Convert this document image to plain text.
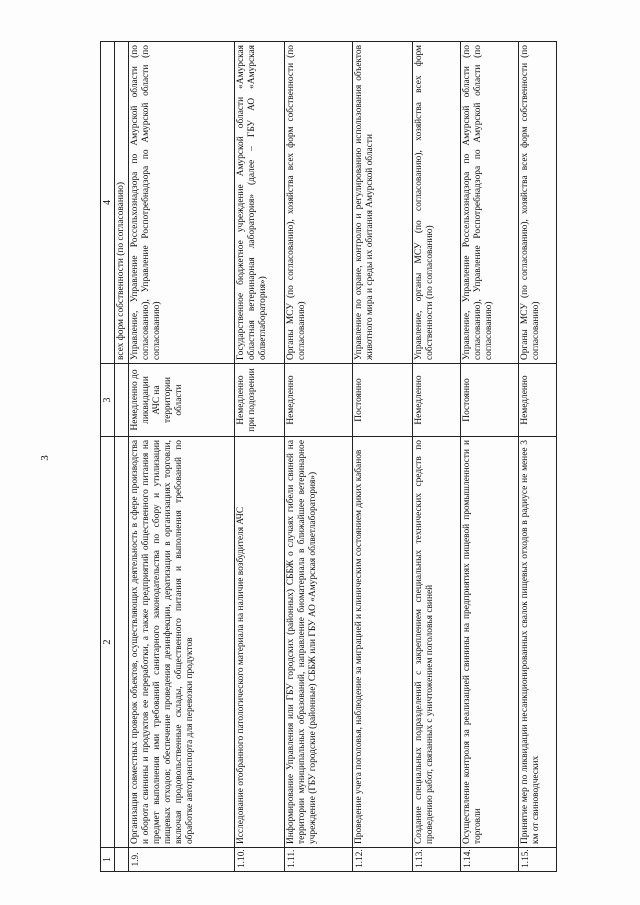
3
1	2	3	4
			всех форм собственности (по согласованию)
1.9.	Организация совместных проверок объектов, осуществляющих деятельность в сфере производства и оборота свинины и продуктов ее переработки, а также предприятий общественного питания на предмет выполнения ими требований санитарного законодательства по сбору и утилизации пищевых отходов; обеспечение проведения дезинфекции, дератизации в организациях торговли, включая продовольственные склады, общественного питания и выполнения требований по обработке автотранспорта для перевозки продуктов	Немедленно до ликвидации АЧС на территории области	Управление, Управление Россельхознадзора по Амурской области (по согласованию), Управление Роспотребнадзора по Амурской области (по согласованию)
1.10.	Исследование отобранного патологического материала на наличие возбудителя АЧС	Немедленно при подозрении	Государственное бюджетное учреждение Амурской области «Амурская областная ветеринарная лаборатория» (далее – ГБУ АО «Амурская облветлаборатория»)
1.11.	Информирование Управления или ГБУ городских (районных) СББЖ о случаях гибели свиней на территории муниципальных образований, направление биоматериала в ближайшее ветеринарное учреждение (ГБУ городские (районные) СББЖ или ГБУ АО «Амурская облветлаборатория»)	Немедленно	Органы МСУ (по согласованию), хозяйства всех форм собственности (по согласованию)
1.12.	Проведение учета поголовья, наблюдение за миграцией и клиническим состоянием диких кабанов	Постоянно	Управление по охране, контролю и регулированию использования объектов животного мира и среды их обитания Амурской области
1.13.	Создание специальных подразделений с закреплением специальных технических средств по проведению работ, связанных с уничтожением поголовья свиней	Немедленно	Управление, органы МСУ (по согласованию), хозяйства всех форм собственности (по согласованию)
1.14.	Осуществление контроля за реализацией свинины на предприятиях пищевой промышленности и торговли	Постоянно	Управление, Управление Россельхознадзора по Амурской области (по согласованию), Управление Роспотребнадзора по Амурской области (по согласованию)
1.15.	Принятие мер по ликвидации несанкционированных свалок пищевых отходов в радиусе не менее 3 км от свиноводческих	Немедленно	Органы МСУ (по согласованию), хозяйства всех форм собственности (по согласованию)
